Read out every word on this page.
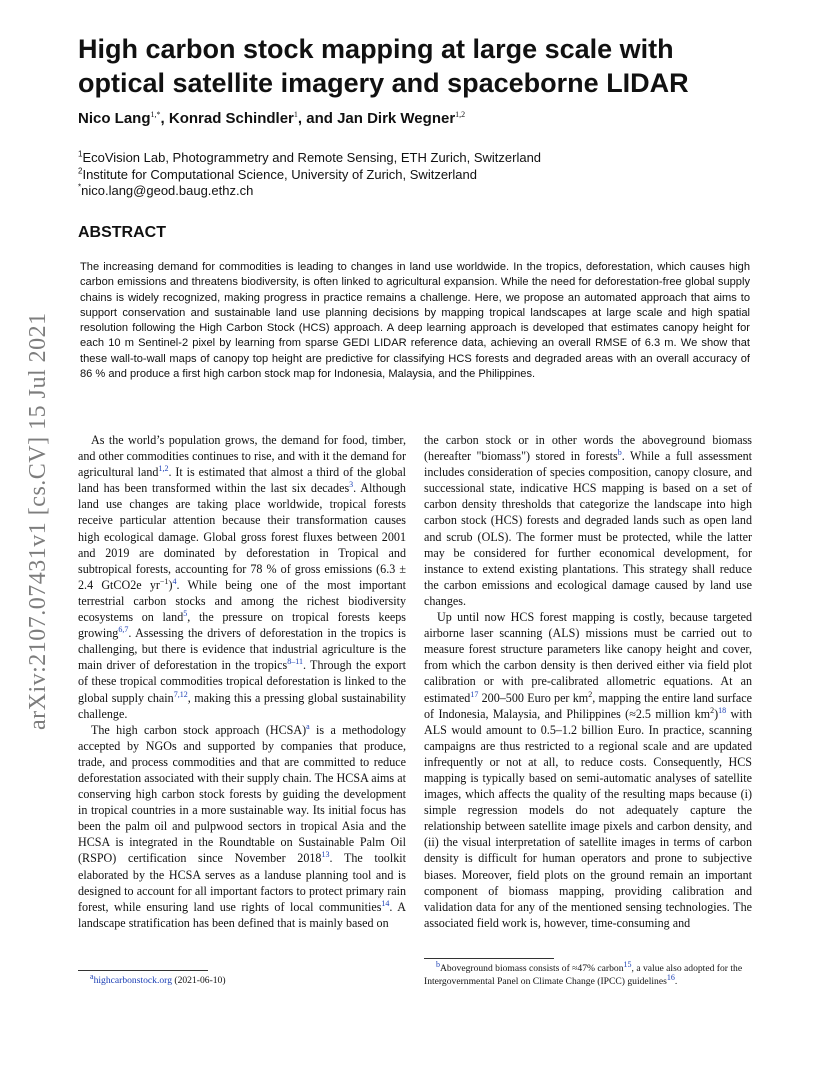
arXiv:2107.07431v1 [cs.CV] 15 Jul 2021
High carbon stock mapping at large scale with
optical satellite imagery and spaceborne LIDAR
Nico Lang$^{1,*}$, Konrad Schindler$^1$, and Jan Dirk Wegner$^{1,2}$
$^1$EcoVision Lab, Photogrammetry and Remote Sensing, ETH Zurich, Switzerland
$^2$Institute for Computational Science, University of Zurich, Switzerland
*nico.lang@geod.baug.ethz.ch
ABSTRACT

The increasing demand for commodities is leading to changes in land use worldwide. In the tropics, deforestation, which causes high carbon emissions and threatens biodiversity, is often linked to agricultural expansion. While the need for deforestation-free global supply chains is widely recognized, making progress in practice remains a challenge. Here, we propose an automated approach that aims to support conservation and sustainable land use planning decisions by mapping tropical landscapes at large scale and high spatial resolution following the High Carbon Stock (HCS) approach. A deep learning approach is developed that estimates canopy height for each 10 m Sentinel-2 pixel by learning from sparse GEDI LIDAR reference data, achieving an overall RMSE of 6.3 m. We show that these wall-to-wall maps of canopy top height are predictive for classifying HCS forests and degraded areas with an overall accuracy of 86 % and produce a first high carbon stock map for Indonesia, Malaysia, and the Philippines.

As the world’s population grows, the demand for food, timber, and other commodities continues to rise, and with it the demand for agricultural land$^{1,2}$. It is estimated that almost a third of the global land has been transformed within the last six decades$^3$. Although land use changes are taking place worldwide, tropical forests receive particular attention because their transformation causes high ecological damage. Global gross forest fluxes between 2001 and 2019 are dominated by deforestation in Tropical and subtropical forests, accounting for 78 % of gross emissions (6.3 ± 2.4 GtCO2e $yr^{-1})^4$. While being one of the most important terrestrial carbon stocks and among the richest biodiversity ecosystems on land$^5$, the pressure on tropical forests keeps growing$^{6,7}$. Assessing the drivers of deforestation in the tropics is challenging, but there is evidence that industrial agriculture is the main driver of deforestation in the tropics$^{8-11}$. Through the export of these tropical commodities tropical deforestation is linked to the global supply chain$^{7,12}$, making this a pressing global sustainability challenge.

The high carbon stock approach (HCSA)$^a$ is a methodology accepted by NGOs and supported by companies that produce, trade, and process commodities and that are committed to reduce deforestation associated with their supply chain. The HCSA aims at conserving high carbon stock forests by guiding the development in tropical countries in a more sustainable way. Its initial focus has been the palm oil and pulpwood sectors in tropical Asia and the HCSA is integrated in the Roundtable on Sustainable Palm Oil (RSPO) certification since November 2018$^{13}$. The toolkit elaborated by the HCSA serves as a landuse planning tool and is designed to account for all important factors to protect primary rain forest, while ensuring land use rights of local communities$^{14}$. A landscape stratification has been defined that is mainly based on

the carbon stock or in other words the aboveground biomass (hereafter "biomass") stored in forests$^b$. While a full assessment includes consideration of species composition, canopy closure, and successional state, indicative HCS mapping is based on a set of carbon density thresholds that categorize the landscape into high carbon stock (HCS) forests and degraded lands such as open land and scrub (OLS). The former must be protected, while the latter may be considered for further economical development, for instance to extend existing plantations. This strategy shall reduce the carbon emissions and ecological damage caused by land use changes.

Up until now HCS forest mapping is costly, because targeted airborne laser scanning (ALS) missions must be carried out to measure forest structure parameters like canopy height and cover, from which the carbon density is then derived either via field plot calibration or with pre-calibrated allometric equations. At an estimated$^{17}$ 200–500 Euro per $km^2$, mapping the entire land surface of Indonesia, Malaysia, and Philippines (≈2.5 million $km^2)^{18}$ with ALS would amount to 0.5–1.2 billion Euro. In practice, scanning campaigns are thus restricted to a regional scale and are updated infrequently or not at all, to reduce costs. Consequently, HCS mapping is typically based on semi-automatic analyses of satellite images, which affects the quality of the resulting maps because (i) simple regression models do not adequately capture the relationship between satellite image pixels and carbon density, and (ii) the visual interpretation of satellite images in terms of carbon density is difficult for human operators and prone to subjective biases. Moreover, field plots on the ground remain an important component of biomass mapping, providing calibration and validation data for any of the mentioned sensing technologies. The associated field work is, however, time-consuming and

$^a$highcarbonstock.org (2021-06-10)
$^b$Aboveground biomass consists of ≈47% carbon$^{15}$, a value also adopted for the Intergovernmental Panel on Climate Change (IPCC) guidelines$^{16}$.
